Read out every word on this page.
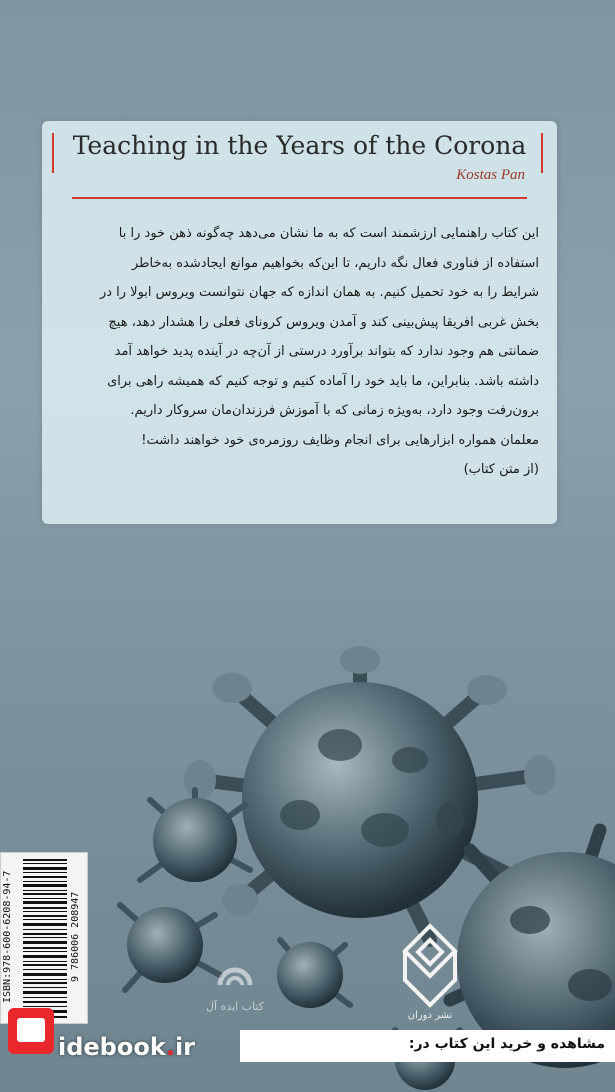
Teaching in the Years of the Corona
Kostas Pan
این کتاب راهنمایی ارزشمند است که به ما نشان می‌دهد چه‌گونه ذهن خود را با
استفاده از فناوری فعال نگه داریم، تا این‌که بخواهیم موانع ایجادشده به‌خاطر
شرایط را به خود تحمیل کنیم. به همان اندازه که جهان نتوانست ویروس ابولا را در
بخش غربی افریقا پیش‌بینی کند و آمدن ویروس کرونای فعلی را هشدار دهد، هیچ
ضمانتی هم وجود ندارد که بتواند برآورد درستی از آن‌چه در آینده پدید خواهد آمد
داشته باشد. بنابراین، ما باید خود را آماده کنیم و توجه کنیم که همیشه راهی برای
برون‌رفت وجود دارد، به‌ویژه زمانی که با آموزش فرزندان‌مان سروکار داریم.
معلمان همواره ابزارهایی برای انجام وظایف روزمره‌ی خود خواهند داشت!
(از متن کتاب)
ISBN:978-600-6208-94-7	9 786006 208947
کتاب ایده آل
نشر دوران
مشاهده و خرید این کتاب در:
idebook.ir
